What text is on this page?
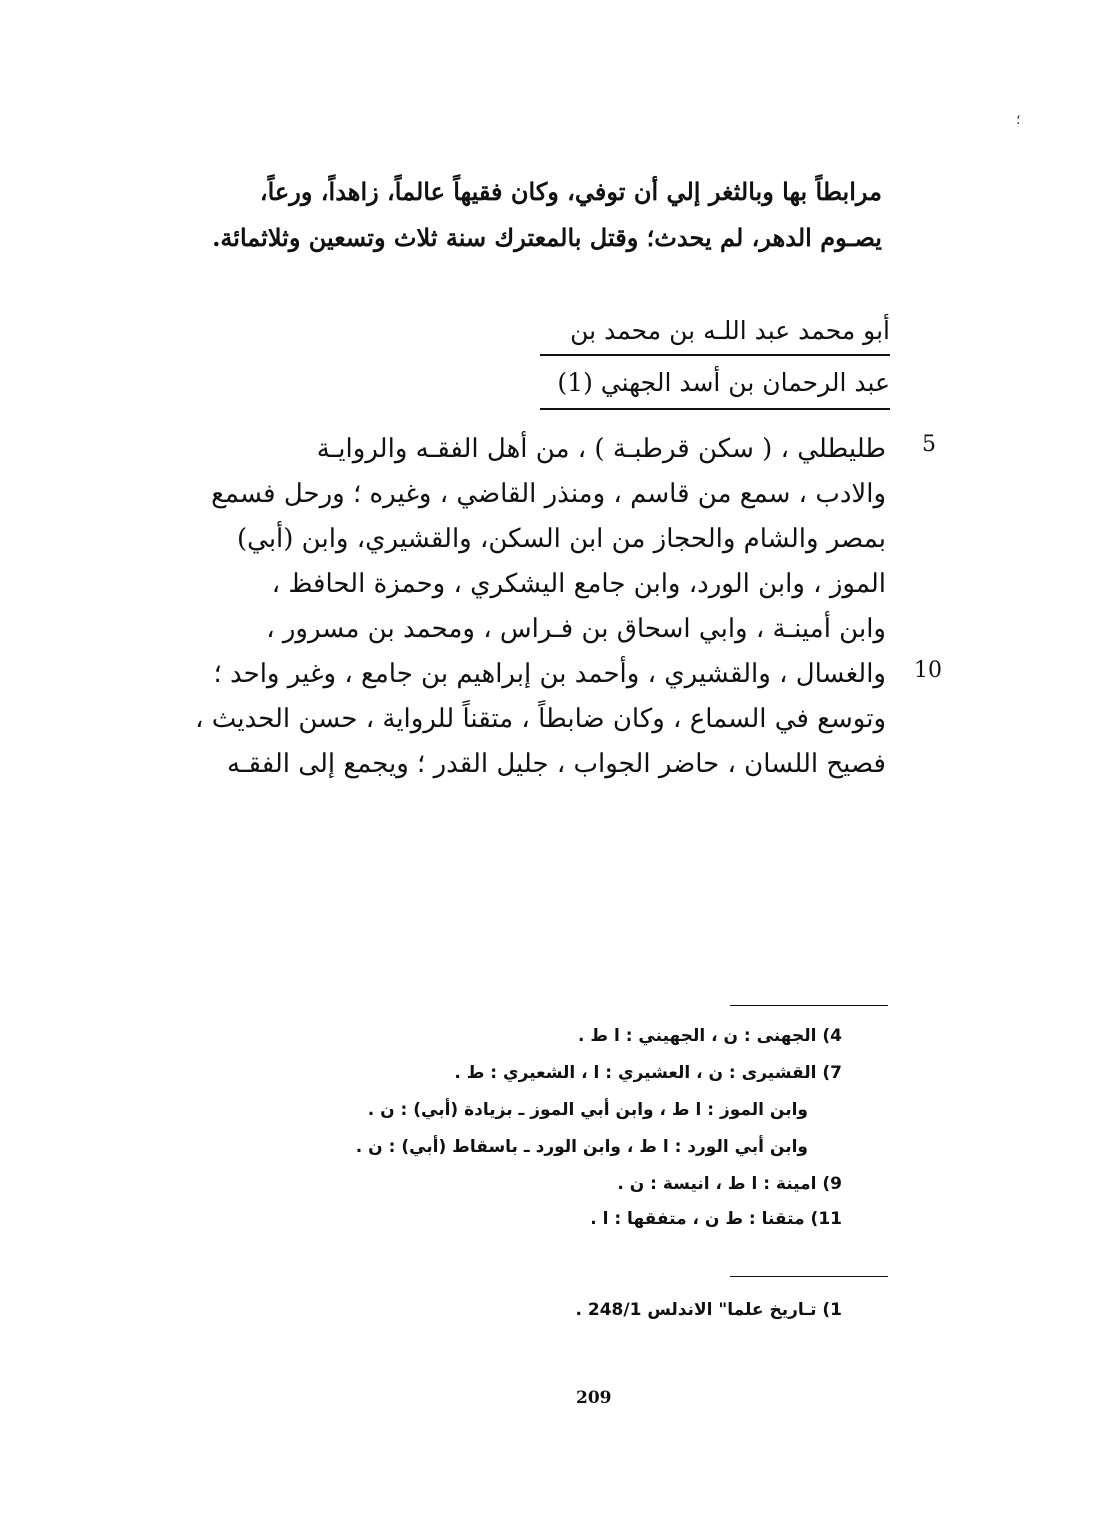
؛
مرابطاً بها وبالثغر إلي أن توفي، وكان فقيهاً عالماً، زاهداً، ورعاً،
يصـوم الدهر، لم يحدث؛ وقتل بالمعترك سنة ثلاث وتسعين وثلاثمائة.
أبو محمد عبد اللـه بن محمد بن
عبد الرحمان بن أسد الجهني (1)
5
10
طليطلي ، ( سكن قرطبـة ) ، من أهل الفقـه والروايـة
والادب ، سمع من قاسم ، ومنذر القاضي ، وغيره ؛ ورحل فسمع
بمصر والشام والحجاز من ابن السكن، والقشيري، وابن (أبي)
الموز ، وابن الورد، وابن جامع اليشكري ، وحمزة الحافظ ،
وابن أمينـة ، وابي اسحاق بن فـراس ، ومحمد بن مسرور ،
والغسال ، والقشيري ، وأحمد بن إبراهيم بن جامع ، وغير واحد ؛
وتوسع في السماع ، وكان ضابطاً ، متقناً للرواية ، حسن الحديث ،
فصيح اللسان ، حاضر الجواب ، جليل القدر ؛ ويجمع إلى الفقـه
4) الجهنى : ن ، الجهيني : ا ط .
7) القشيرى : ن ، العشيري : ا ، الشعيري : ط .
وابن الموز : ا ط ، وابن أبي الموز ـ بزيادة (أبي) : ن .
وابن أبي الورد : ا ط ، وابن الورد ـ باسقاط (أبي) : ن .
9) امينة : ا ط ، انيسة : ن .
11) متقنا : ط ن ، متفقها : ا .
1) تـاريخ علما" الاندلس 248/1 .
209
